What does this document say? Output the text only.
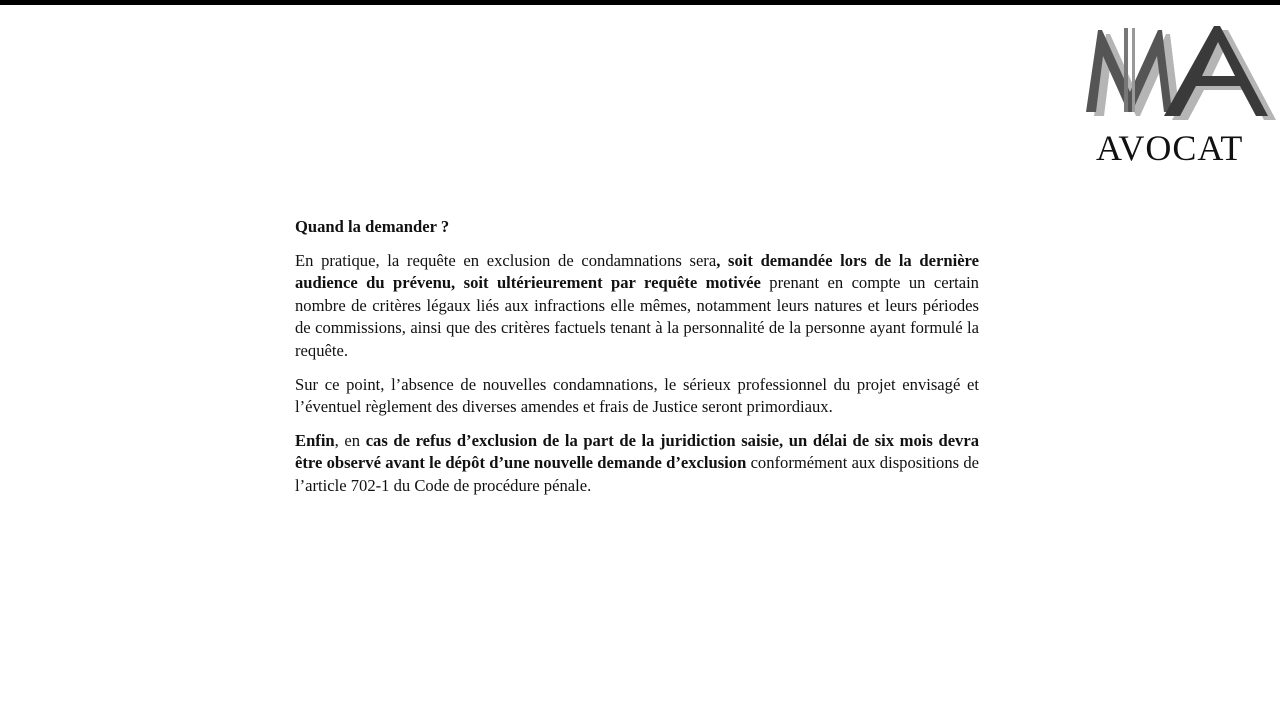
AVOCAT
Quand la demander ?

En pratique, la requête en exclusion de condamnations sera, soit demandée lors de la dernière audience du prévenu, soit ultérieurement par requête motivée prenant en compte un certain nombre de critères légaux liés aux infractions elle mêmes, notamment leurs natures et leurs périodes de commissions, ainsi que des critères factuels tenant à la personnalité de la personne ayant formulé la requête.

Sur ce point, l’absence de nouvelles condamnations, le sérieux professionnel du projet envisagé et l’éventuel règlement des diverses amendes et frais de Justice seront primordiaux.

Enfin, en cas de refus d’exclusion de la part de la juridiction saisie, un délai de six mois devra être observé avant le dépôt d’une nouvelle demande d’exclusion conformément aux dispositions de l’article 702-1 du Code de procédure pénale.
